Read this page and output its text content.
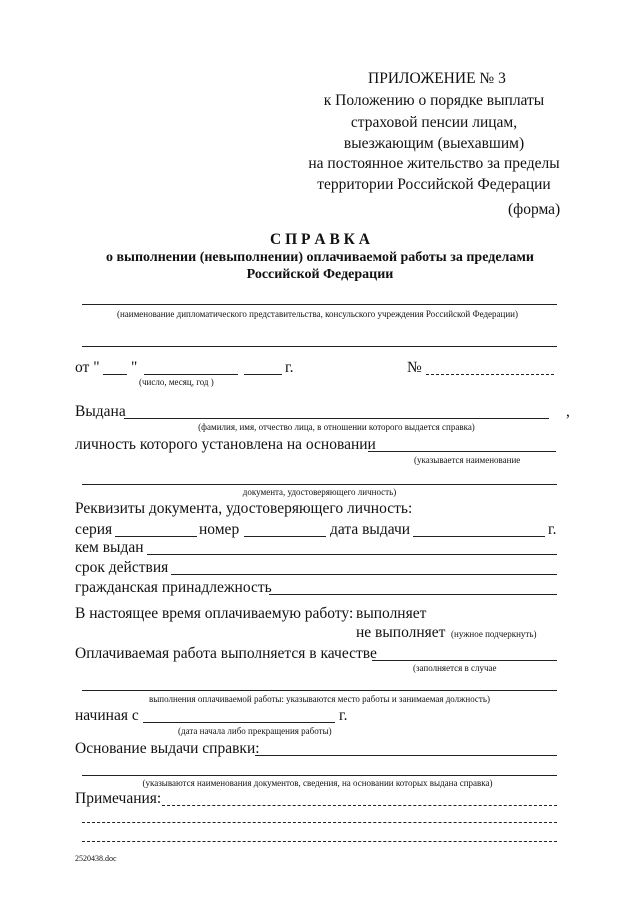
ПРИЛОЖЕНИЕ № 3
к Положению о порядке выплаты
страховой пенсии лицам,
выезжающим (выехавшим)
на постоянное жительство за пределы
территории Российской Федерации
(форма)
С П Р А В К А
о выполнении (невыполнении) оплачиваемой работы за пределами
Российской Федерации
(наименование дипломатического представительства, консульского учреждения Российской Федерации)
от " "	г.
(число, месяц, год )
№
Выдана	,
(фамилия, имя, отчество лица, в отношении которого выдается справка)
личность которого установлена на основании
(указывается наименование
документа, удостоверяющего личность)
Реквизиты документа, удостоверяющего личность:
серия	номер	дата выдачи	г.
кем выдан
срок действия
гражданская принадлежность
В настоящее время оплачиваемую работу: выполняет
не выполняет (нужное подчеркнуть)
Оплачиваемая работа выполняется в качестве
(заполняется в случае
выполнения оплачиваемой работы: указываются место работы и занимаемая должность)
начиная с	г.
(дата начала либо прекращения работы)
Основание выдачи справки:
(указываются наименования документов, сведения, на основании которых выдана справка)
Примечания:
2520438.doc
